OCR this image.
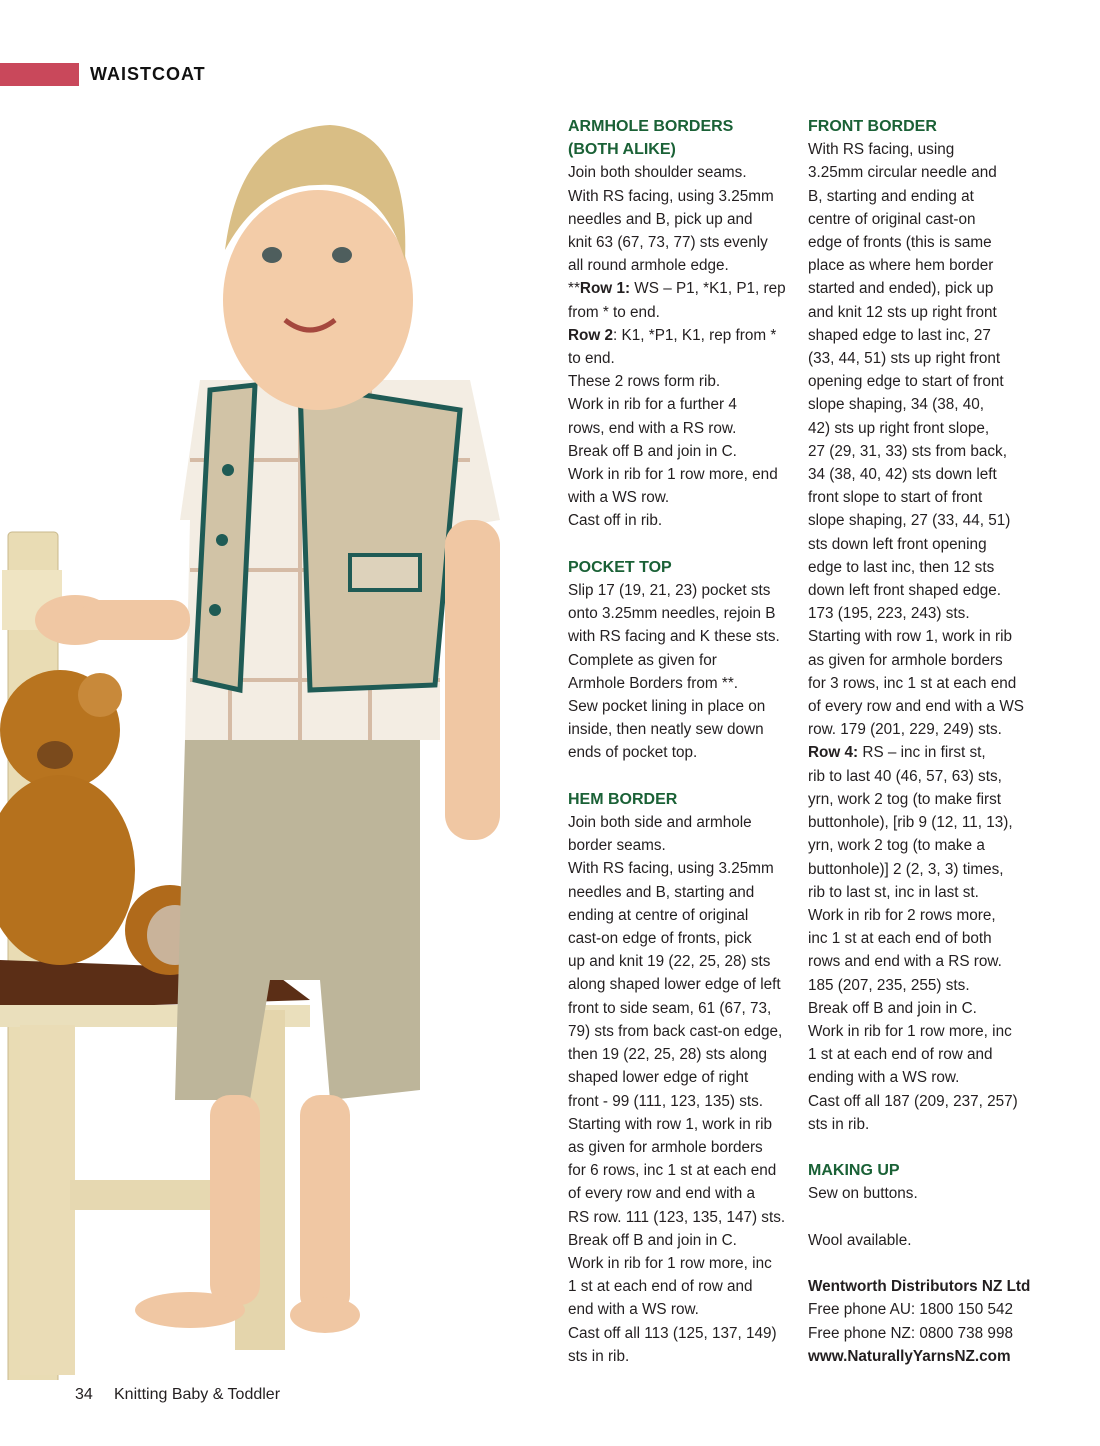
WAISTCOAT

ARMHOLE BORDERS

(BOTH ALIKE)

Join both shoulder seams.

With RS facing, using 3.25mm

needles and B, pick up and

knit 63 (67, 73, 77) sts evenly

all round armhole edge.

**Row 1: WS – P1, *K1, P1, rep

from * to end.

Row 2: K1, *P1, K1, rep from *

to end.

These 2 rows form rib.

Work in rib for a further 4

rows, end with a RS row.

Break off B and join in C.

Work in rib for 1 row more, end

with a WS row.

Cast off in rib.

POCKET TOP

Slip 17 (19, 21, 23) pocket sts

onto 3.25mm needles, rejoin B

with RS facing and K these sts.

Complete as given for

Armhole Borders from **.

Sew pocket lining in place on

inside, then neatly sew down

ends of pocket top.

HEM BORDER

Join both side and armhole

border seams.

With RS facing, using 3.25mm

needles and B, starting and

ending at centre of original

cast-on edge of fronts, pick

up and knit 19 (22, 25, 28) sts

along shaped lower edge of left

front to side seam, 61 (67, 73,

79) sts from back cast-on edge,

then 19 (22, 25, 28) sts along

shaped lower edge of right

front - 99 (111, 123, 135) sts.

Starting with row 1, work in rib

as given for armhole borders

for 6 rows, inc 1 st at each end

of every row and end with a

RS row. 111 (123, 135, 147) sts.

Break off B and join in C.

Work in rib for 1 row more, inc

1 st at each end of row and

end with a WS row.

Cast off all 113 (125, 137, 149)

sts in rib.

FRONT BORDER

With RS facing, using

3.25mm circular needle and

B, starting and ending at

centre of original cast-on

edge of fronts (this is same

place as where hem border

started and ended), pick up

and knit 12 sts up right front

shaped edge to last inc, 27

(33, 44, 51) sts up right front

opening edge to start of front

slope shaping, 34 (38, 40,

42) sts up right front slope,

27 (29, 31, 33) sts from back,

34 (38, 40, 42) sts down left

front slope to start of front

slope shaping, 27 (33, 44, 51)

sts down left front opening

edge to last inc, then 12 sts

down left front shaped edge.

173 (195, 223, 243) sts.

Starting with row 1, work in rib

as given for armhole borders

for 3 rows, inc 1 st at each end

of every row and end with a WS

row. 179 (201, 229, 249) sts.

Row 4: RS – inc in first st,

rib to last 40 (46, 57, 63) sts,

yrn, work 2 tog (to make first

buttonhole), [rib 9 (12, 11, 13),

yrn, work 2 tog (to make a

buttonhole)] 2 (2, 3, 3) times,

rib to last st, inc in last st.

Work in rib for 2 rows more,

inc 1 st at each end of both

rows and end with a RS row.

185 (207, 235, 255) sts.

Break off B and join in C.

Work in rib for 1 row more, inc

1 st at each end of row and

ending with a WS row.

Cast off all 187 (209, 237, 257)

sts in rib.

MAKING UP

Sew on buttons.

Wool available.

Wentworth Distributors NZ Ltd

Free phone AU: 1800 150 542

Free phone NZ: 0800 738 998

www.NaturallyYarnsNZ.com

34 Knitting Baby & Toddler
